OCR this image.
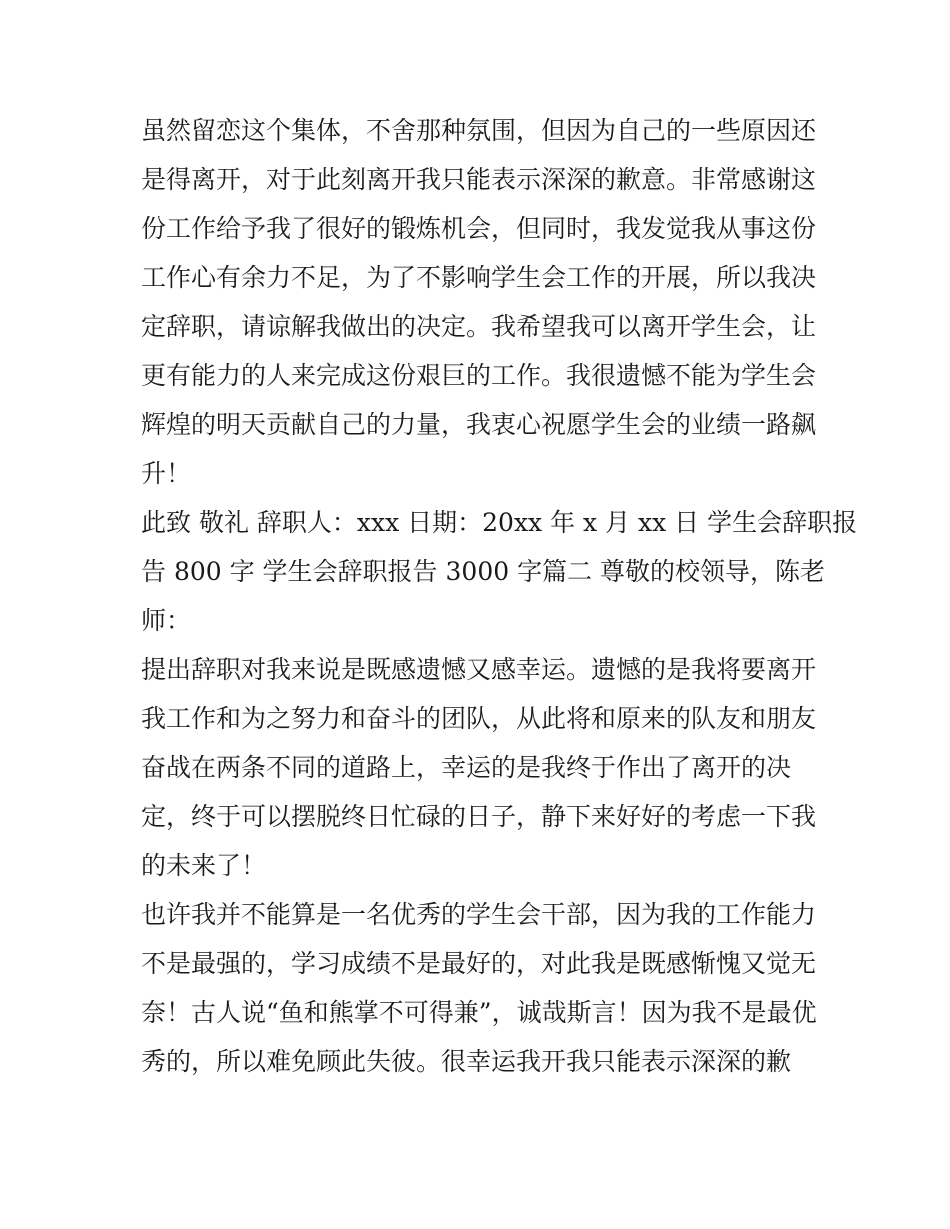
虽然留恋这个集体，不舍那种氛围，但因为自己的一些原因还
是得离开，对于此刻离开我只能表示深深的歉意。非常感谢这
份工作给予我了很好的锻炼机会，但同时，我发觉我从事这份
工作心有余力不足，为了不影响学生会工作的开展，所以我决
定辞职，请谅解我做出的决定。我希望我可以离开学生会，让
更有能力的人来完成这份艰巨的工作。我很遗憾不能为学生会
辉煌的明天贡献自己的力量，我衷心祝愿学生会的业绩一路飙
升！
此致 敬礼 辞职人：xxx 日期：20xx 年 x 月 xx 日 学生会辞职报
告 800 字 学生会辞职报告 3000 字篇二 尊敬的校领导，陈老
师：
提出辞职对我来说是既感遗憾又感幸运。遗憾的是我将要离开
我工作和为之努力和奋斗的团队，从此将和原来的队友和朋友
奋战在两条不同的道路上，幸运的是我终于作出了离开的决
定，终于可以摆脱终日忙碌的日子，静下来好好的考虑一下我
的未来了！
也许我并不能算是一名优秀的学生会干部，因为我的工作能力
不是最强的，学习成绩不是最好的，对此我是既感惭愧又觉无
奈！古人说“鱼和熊掌不可得兼”，诚哉斯言！因为我不是最优
秀的，所以难免顾此失彼。很幸运我开我只能表示深深的歉
